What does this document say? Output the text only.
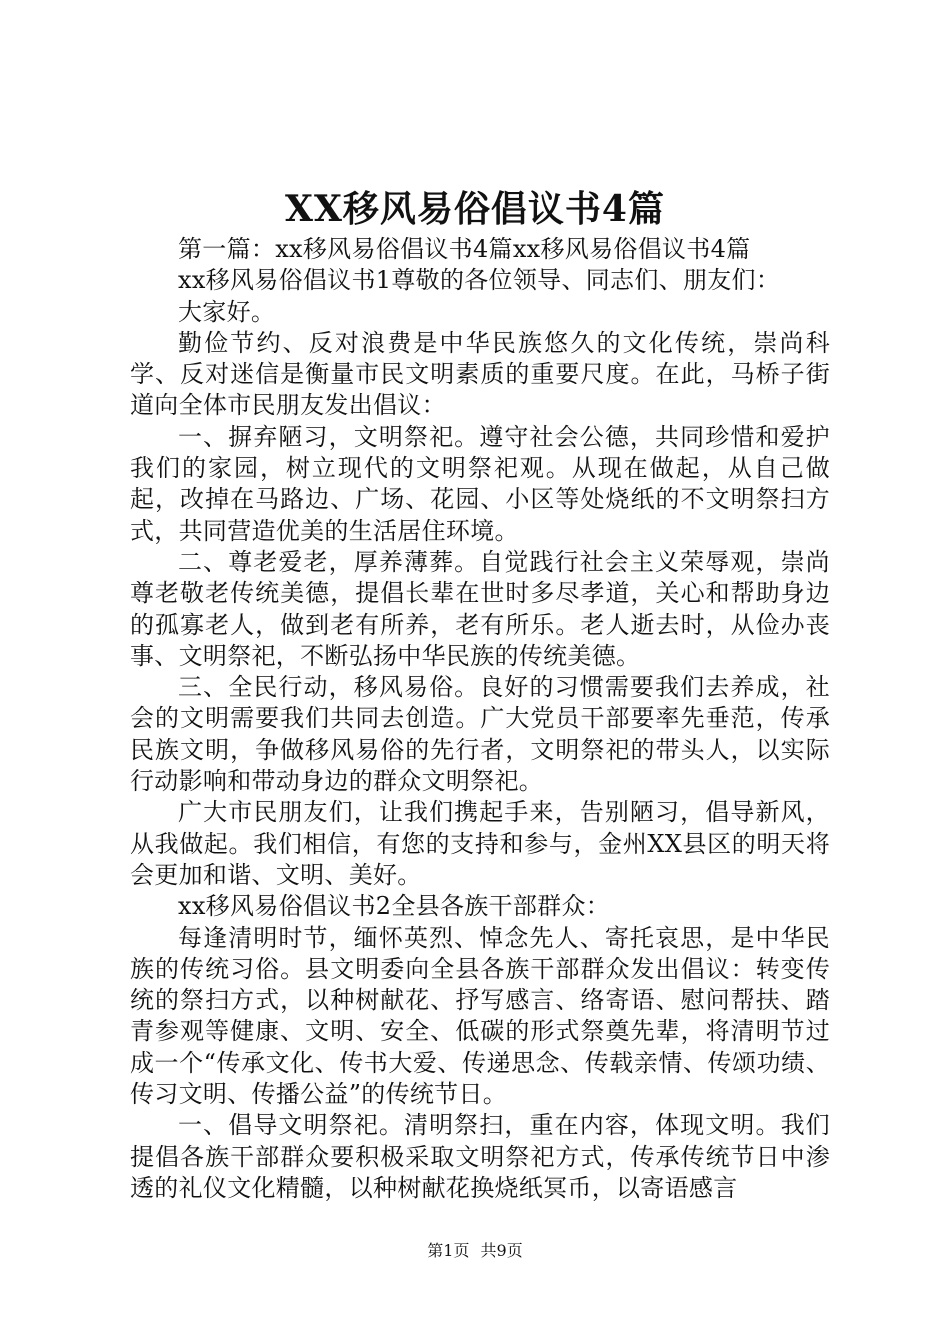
XX移风易俗倡议书4篇

第一篇：xx移风易俗倡议书4篇xx移风易俗倡议书4篇

xx移风易俗倡议书1尊敬的各位领导、同志们、朋友们：

大家好。

勤俭节约、反对浪费是中华民族悠久的文化传统，崇尚科学、反对迷信是衡量市民文明素质的重要尺度。在此，马桥子街道向全体市民朋友发出倡议：

一、摒弃陋习，文明祭祀。遵守社会公德，共同珍惜和爱护我们的家园，树立现代的文明祭祀观。从现在做起，从自己做起，改掉在马路边、广场、花园、小区等处烧纸的不文明祭扫方式，共同营造优美的生活居住环境。

二、尊老爱老，厚养薄葬。自觉践行社会主义荣辱观，崇尚尊老敬老传统美德，提倡长辈在世时多尽孝道，关心和帮助身边的孤寡老人，做到老有所养，老有所乐。老人逝去时，从俭办丧事、文明祭祀，不断弘扬中华民族的传统美德。

三、全民行动，移风易俗。良好的习惯需要我们去养成，社会的文明需要我们共同去创造。广大党员干部要率先垂范，传承民族文明，争做移风易俗的先行者，文明祭祀的带头人，以实际行动影响和带动身边的群众文明祭祀。

广大市民朋友们，让我们携起手来，告别陋习，倡导新风，从我做起。我们相信，有您的支持和参与，金州XX县区的明天将会更加和谐、文明、美好。

xx移风易俗倡议书2全县各族干部群众：

每逢清明时节，缅怀英烈、悼念先人、寄托哀思，是中华民族的传统习俗。县文明委向全县各族干部群众发出倡议：转变传统的祭扫方式，以种树献花、抒写感言、络寄语、慰问帮扶、踏青参观等健康、文明、安全、低碳的形式祭奠先辈，将清明节过成一个“传承文化、传书大爱、传递思念、传载亲情、传颂功绩、传习文明、传播公益”的传统节日。

一、倡导文明祭祀。清明祭扫，重在内容，体现文明。我们提倡各族干部群众要积极采取文明祭祀方式，传承传统节日中渗透的礼仪文化精髓，以种树献花换烧纸冥币，以寄语感言

第1页 共9页
